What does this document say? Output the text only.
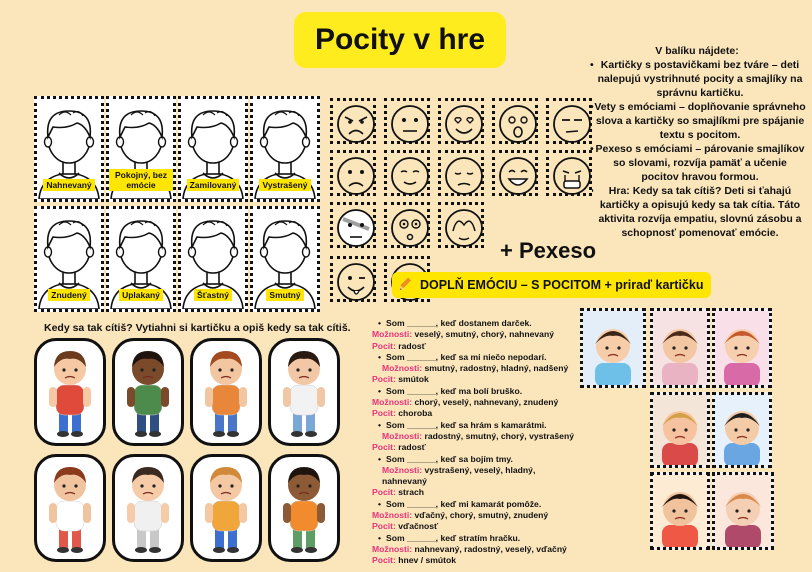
Pocity v hre	V balíku nájdete:
• Kartičky s postavičkami bez tváre – deti nalepujú vystrihnuté pocity a smajlíky na správnu kartičku.
• Vety s emóciami – doplňovanie správneho slova a kartičky so smajlíkmi pre spájanie textu s pocitom.
• Pexeso s emóciami – párovanie smajlíkov so slovami, rozvíja pamäť a učenie pocitov hravou formou.
• Hra: Kedy sa tak cítiš? Deti si ťahajú kartičky a opisujú kedy sa tak cítia. Táto aktivita rozvíja empatiu, slovnú zásobu a schopnosť pomenovať emócie.
Nahnevaný
Pokojný, bez emócie	Zamilovaný	Vystrašený
Znudený	Uplakaný	Šťastný	Smutný
+ Pexeso
DOPLŇ EMÓCIU – S POCITOM + priraď kartičku
Kedy sa tak cítiš? Vytiahni si kartičku a opiš kedy sa tak cítiš.
•	Som ______, keď dostanem darček.
Možnosti: veselý, smutný, chorý, nahnevaný
Pocit: radosť
• Som ______, keď sa mi niečo nepodarí.
Možnosti: smutný, radostný, hladný, nadšený
Pocit: smútok
• Som ______, keď ma bolí bruško.
Možnosti: chorý, veselý, nahnevaný, znudený
Pocit: choroba
• Som ______, keď sa hrám s kamarátmi.
Možnosti: radostný, smutný, chorý, vystrašený
Pocit: radosť
• Som ______, keď sa bojím tmy.
Možnosti: vystrašený, veselý, hladný, nahnevaný
Pocit: strach
• Som ______, keď mi kamarát pomôže.
Možnosti: vďačný, chorý, smutný, znudený
Pocit: vďačnosť
• Som ______, keď stratím hračku.
Možnosti: nahnevaný, radostný, veselý, vďačný
Pocit: hnev / smútok
